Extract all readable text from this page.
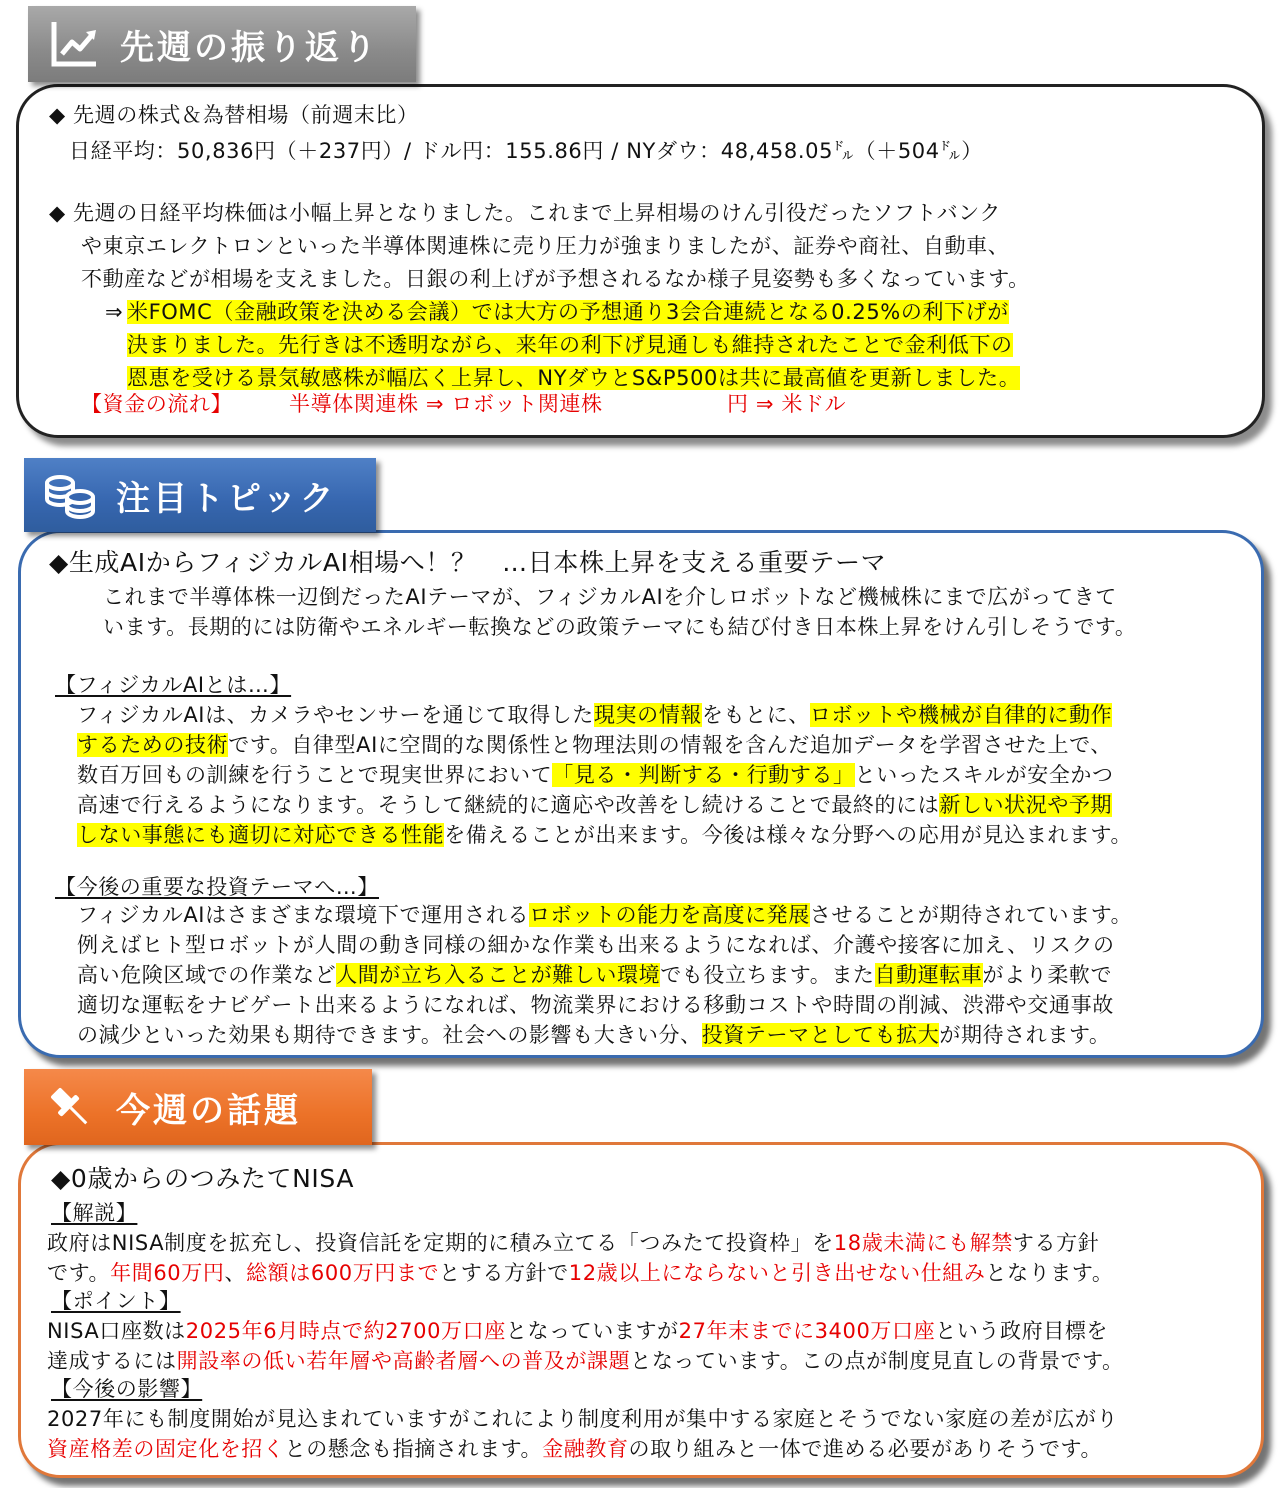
先週の振り返り
◆ 先週の株式＆為替相場（前週末比）
日経平均：50,836円（＋237円）/ ドル円：155.86円 / NYダウ：48,458.05㌦（＋504㌦）
◆ 先週の日経平均株価は小幅上昇となりました。これまで上昇相場のけん引役だったソフトバンク
や東京エレクトロンといった半導体関連株に売り圧力が強まりましたが、証券や商社、自動車、
不動産などが相場を支えました。日銀の利上げが予想されるなか様子見姿勢も多くなっています。
⇒ 米FOMC（金融政策を決める会議）では大方の予想通り3会合連続となる0.25%の利下げが
決まりました。先行きは不透明ながら、来年の利下げ見通しも維持されたことで金利低下の
恩恵を受ける景気敏感株が幅広く上昇し、NYダウとS&P500は共に最高値を更新しました。
【資金の流れ】	半導体関連株 ⇒ ロボット関連株	円 ⇒ 米ドル
注目トピック
◆生成AIからフィジカルAI相場へ！？　…日本株上昇を支える重要テーマ
これまで半導体株一辺倒だったAIテーマが、フィジカルAIを介しロボットなど機械株にまで広がってきて
います。長期的には防衛やエネルギー転換などの政策テーマにも結び付き日本株上昇をけん引しそうです。
【フィジカルAIとは…】
フィジカルAIは、カメラやセンサーを通じて取得した現実の情報をもとに、ロボットや機械が自律的に動作
するための技術です。自律型AIに空間的な関係性と物理法則の情報を含んだ追加データを学習させた上で、
数百万回もの訓練を行うことで現実世界において「見る・判断する・行動する」といったスキルが安全かつ
高速で行えるようになります。そうして継続的に適応や改善をし続けることで最終的には新しい状況や予期
しない事態にも適切に対応できる性能を備えることが出来ます。今後は様々な分野への応用が見込まれます。
【今後の重要な投資テーマへ…】
フィジカルAIはさまざまな環境下で運用されるロボットの能力を高度に発展させることが期待されています。
例えばヒト型ロボットが人間の動き同様の細かな作業も出来るようになれば、介護や接客に加え、リスクの
高い危険区域での作業など人間が立ち入ることが難しい環境でも役立ちます。また自動運転車がより柔軟で
適切な運転をナビゲート出来るようになれば、物流業界における移動コストや時間の削減、渋滞や交通事故
の減少といった効果も期待できます。社会への影響も大きい分、投資テーマとしても拡大が期待されます。
今週の話題
◆0歳からのつみたてNISA
【解説】
政府はNISA制度を拡充し、投資信託を定期的に積み立てる「つみたて投資枠」を18歳未満にも解禁する方針
です。年間60万円、総額は600万円までとする方針で12歳以上にならないと引き出せない仕組みとなります。
【ポイント】
NISA口座数は2025年6月時点で約2700万口座となっていますが27年末までに3400万口座という政府目標を
達成するには開設率の低い若年層や高齢者層への普及が課題となっています。この点が制度見直しの背景です。
【今後の影響】
2027年にも制度開始が見込まれていますがこれにより制度利用が集中する家庭とそうでない家庭の差が広がり
資産格差の固定化を招くとの懸念も指摘されます。金融教育の取り組みと一体で進める必要がありそうです。
